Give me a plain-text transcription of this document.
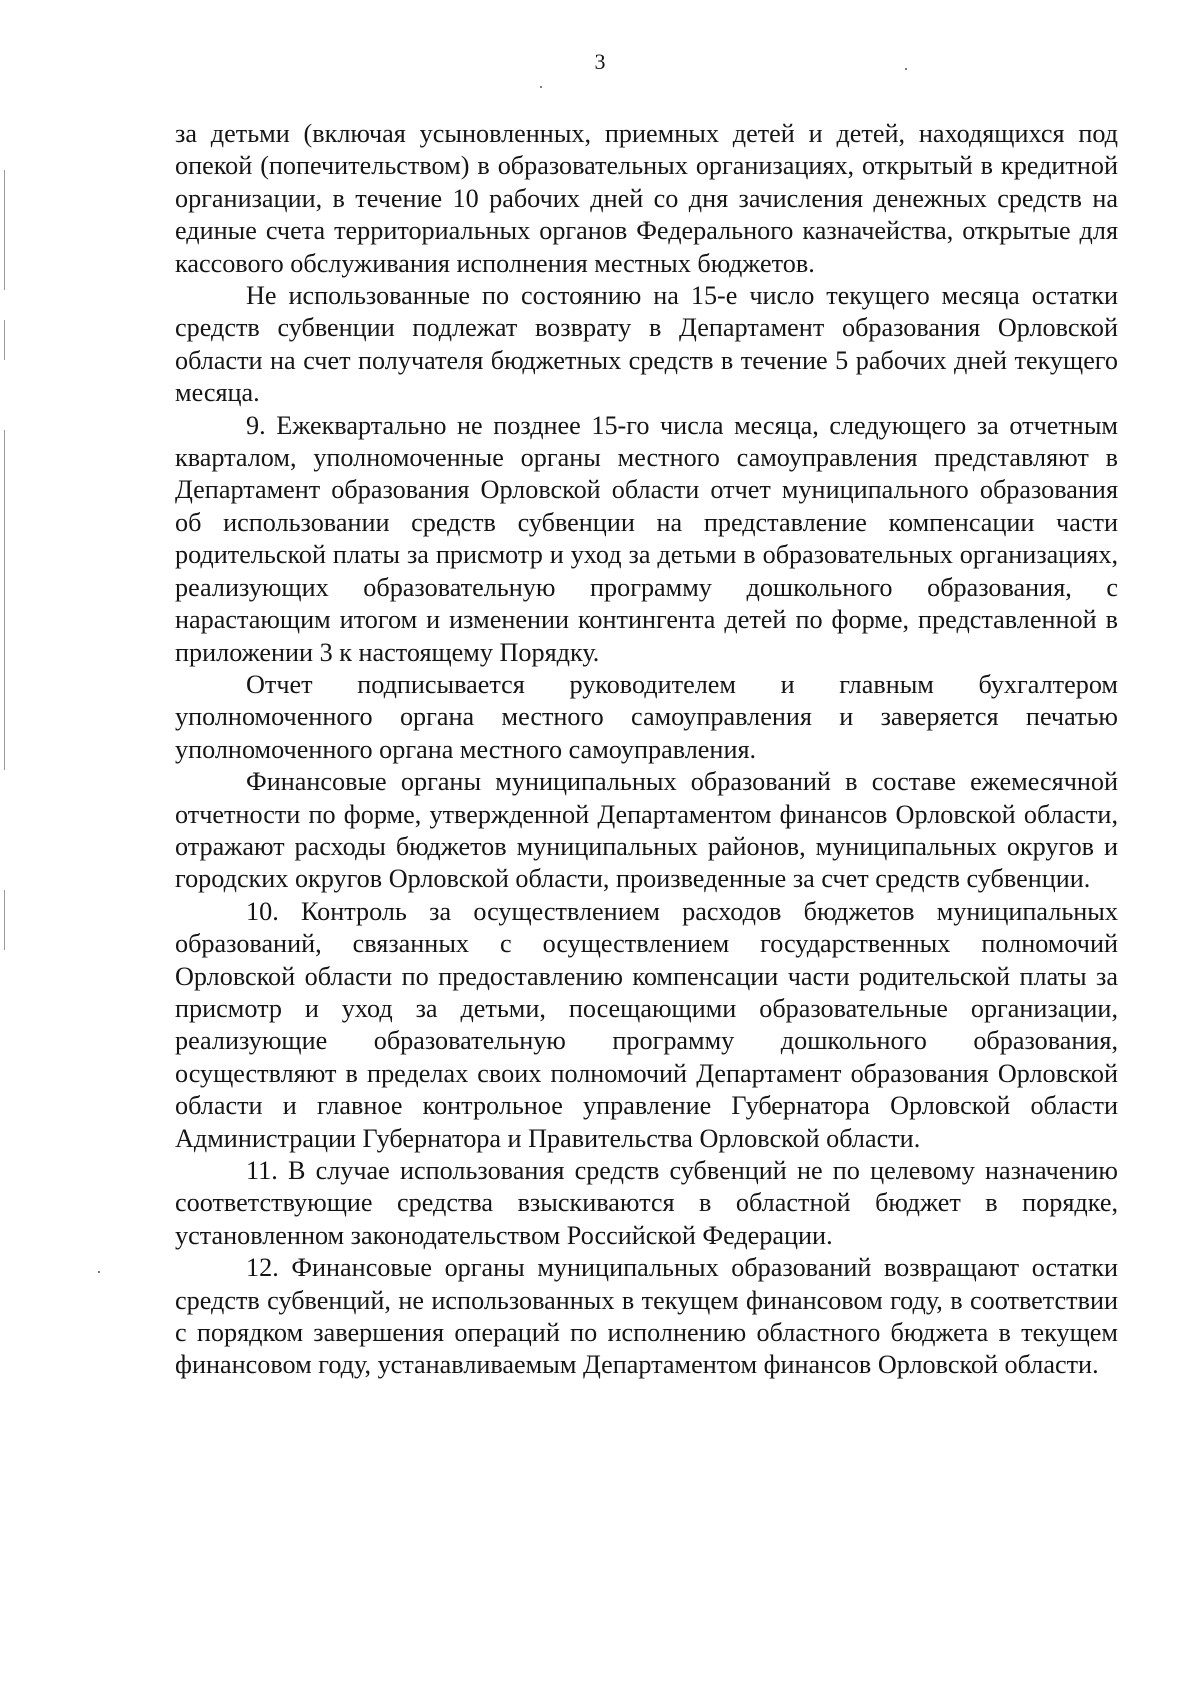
3

за детьми (включая усыновленных, приемных детей и детей, находящихся под опекой (попечительством) в образовательных организациях, открытый в кредитной организации, в течение 10 рабочих дней со дня зачисления денежных средств на единые счета территориальных органов Федерального казначейства, открытые для кассового обслуживания исполнения местных бюджетов.

Не использованные по состоянию на 15-е число текущего месяца остатки средств субвенции подлежат возврату в Департамент образования Орловской области на счет получателя бюджетных средств в течение 5 рабочих дней текущего месяца.

9. Ежеквартально не позднее 15-го числа месяца, следующего за отчетным кварталом, уполномоченные органы местного самоуправления представляют в Департамент образования Орловской области отчет муниципального образования об использовании средств субвенции на представление компенсации части родительской платы за присмотр и уход за детьми в образовательных организациях, реализующих образовательную программу дошкольного образования, с нарастающим итогом и изменении контингента детей по форме, представленной в приложении 3 к настоящему Порядку.

Отчет подписывается руководителем и главным бухгалтером уполномоченного органа местного самоуправления и заверяется печатью уполномоченного органа местного самоуправления.

Финансовые органы муниципальных образований в составе ежемесячной отчетности по форме, утвержденной Департаментом финансов Орловской области, отражают расходы бюджетов муниципальных районов, муниципальных округов и городских округов Орловской области, произведенные за счет средств субвенции.

10. Контроль за осуществлением расходов бюджетов муниципальных образований, связанных с осуществлением государственных полномочий Орловской области по предоставлению компенсации части родительской платы за присмотр и уход за детьми, посещающими образовательные организации, реализующие образовательную программу дошкольного образования, осуществляют в пределах своих полномочий Департамент образования Орловской области и главное контрольное управление Губернатора Орловской области Администрации Губернатора и Правительства Орловской области.

11. В случае использования средств субвенций не по целевому назначению соответствующие средства взыскиваются в областной бюджет в порядке, установленном законодательством Российской Федерации.

12. Финансовые органы муниципальных образований возвращают остатки средств субвенций, не использованных в текущем финансовом году, в соответствии с порядком завершения операций по исполнению областного бюджета в текущем финансовом году, устанавливаемым Департаментом финансов Орловской области.
